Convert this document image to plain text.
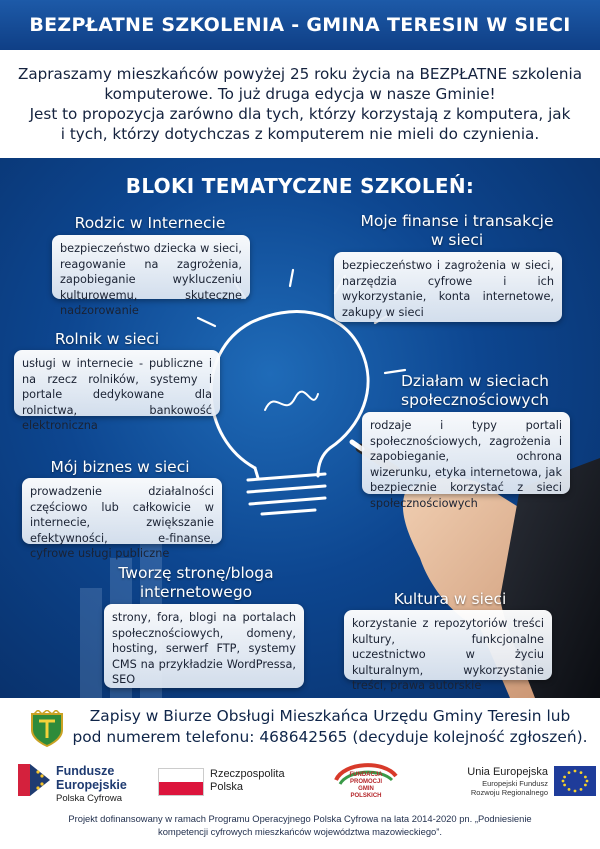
BEZPŁATNE SZKOLENIA - GMINA TERESIN W SIECI

Zapraszamy mieszkańców powyżej 25 roku życia na BEZPŁATNE szkolenia

komputerowe. To już druga edycja w nasze Gminie!

Jest to propozycja zarówno dla tych, którzy korzystają z komputera, jak

i tych, którzy dotychczas z komputerem nie mieli do czynienia.

BLOKI TEMATYCZNE SZKOLEŃ:
Rodzic w Internecie
bezpieczeństwo dziecka w sieci, reagowanie na zagrożenia, zapobieganie wykluczeniu kulturowemu, skuteczne nadzorowanie
Moje finanse i transakcje w sieci
bezpieczeństwo i zagrożenia w sieci, narzędzia cyfrowe i ich wykorzystanie, konta internetowe, zakupy w sieci
Rolnik w sieci
usługi w internecie - publiczne i na rzecz rolników, systemy i portale dedykowane dla rolnictwa, bankowość elektroniczna
Działam w sieciach społecznościowych
rodzaje i typy portali społecznościowych, zagrożenia i zapobieganie, ochrona wizerunku, etyka internetowa, jak bezpiecznie korzystać z sieci społecznościowych
Mój biznes w sieci
prowadzenie działalności częściowo lub całkowicie w internecie, zwiększanie efektywności, e-finanse, cyfrowe usługi publiczne
Tworzę stronę/bloga internetowego
strony, fora, blogi na portalach społecznościowych, domeny, hosting, serwerf FTP, systemy CMS na przykładzie WordPressa, SEO
Kultura w sieci
korzystanie z repozytoriów treści kultury, funkcjonalne uczestnictwo w życiu kulturalnym, wykorzystanie treści, prawa autorskie
Zapisy w Biurze Obsługi Mieszkańca Urzędu Gminy Teresin lub
pod numerem telefonu: 468642565 (decyduje kolejność zgłoszeń).
Fundusze
Europejskie
Polska Cyfrowa
Rzeczpospolita
Polska
FUNDACJA
PROMOCJI
GMIN
POLSKICH
Unia Europejska
Europejski Fundusz
Rozwoju Regionalnego
Projekt dofinansowany w ramach Programu Operacyjnego Polska Cyfrowa na lata 2014-2020 pn. „Podniesienie
kompetencji cyfrowych mieszkańców województwa mazowieckiego”.
